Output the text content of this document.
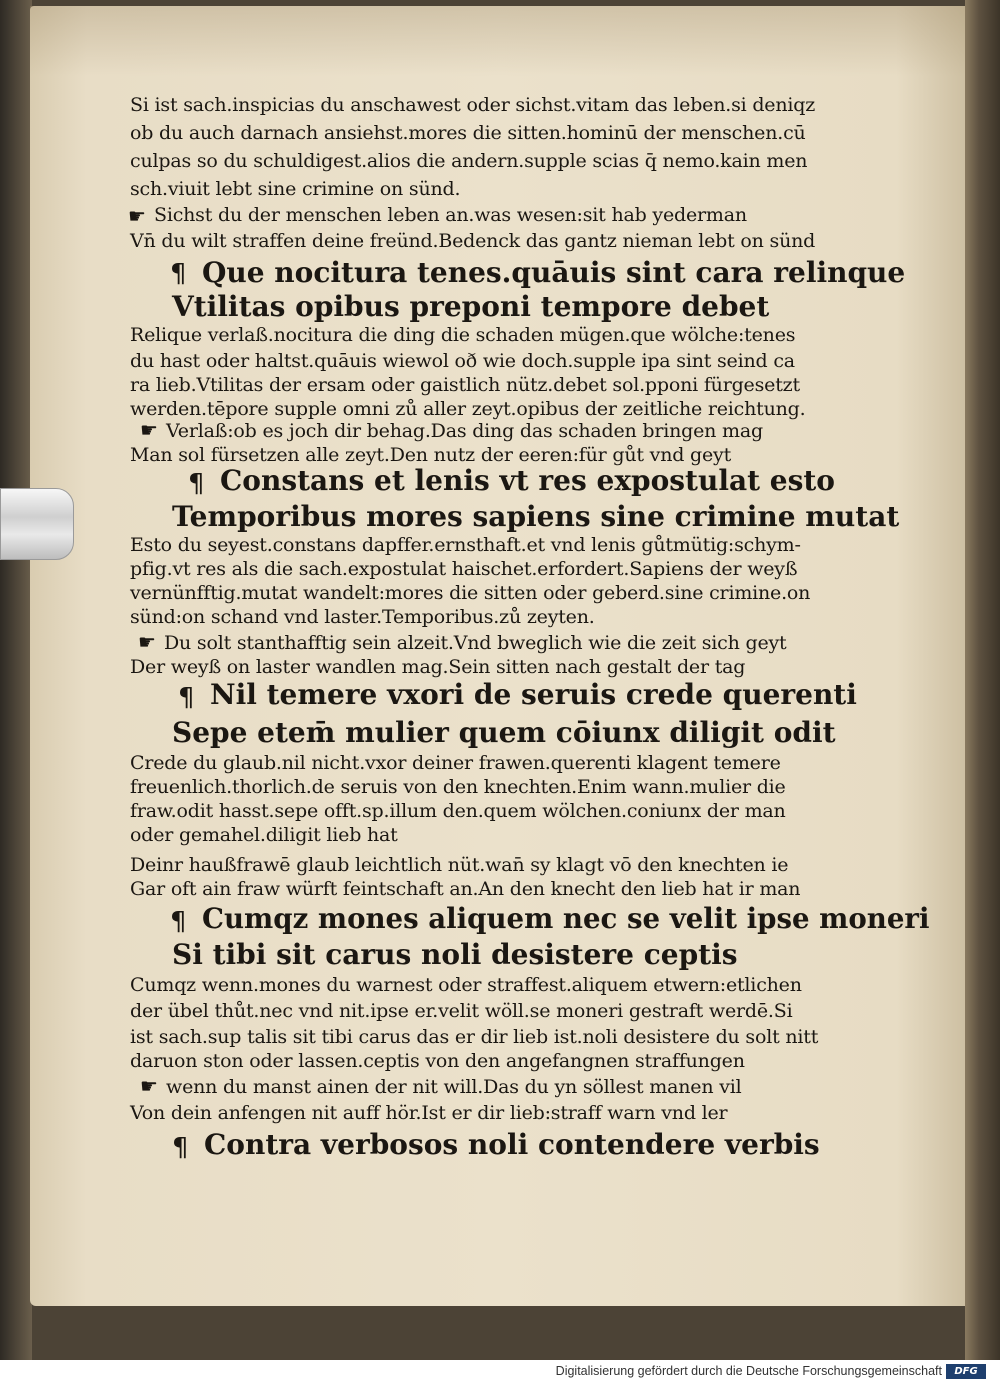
Si ist sach.inspicias du anschawest oder sichst.vitam das leben.si deniqz
ob du auch darnach ansiehst.mores die sitten.hominū der menschen.cū
culpas so du schuldigest.alios die andern.supple scias q̄ nemo.kain men
sch.viuit lebt sine crimine on sünd.
☛ Sichst du der menschen leben an.was wesen:sit hab yederman
Vn̄ du wilt straffen deine freünd.Bedenck das gantz nieman lebt on sünd
¶ Que nocitura tenes.quāuis sint cara relinque
Vtilitas opibus preponi tempore debet
Relique verlaß.nocitura die ding die schaden mügen.que wölche:tenes
du hast oder haltst.quāuis wiewol oð wie doch.supple ipa sint seind ca
ra lieb.Vtilitas der ersam oder gaistlich nütz.debet sol.pponi fürgesetzt
werden.tēpore supple omni zů aller zeyt.opibus der zeitliche reichtung.
☛ Verlaß:ob es joch dir behag.Das ding das schaden bringen mag
Man sol fürsetzen alle zeyt.Den nutz der eeren:für gůt vnd geyt
¶ Constans et lenis vt res expostulat esto
Temporibus mores sapiens sine crimine mutat
Esto du seyest.constans dapffer.ernsthaft.et vnd lenis gůtmütig:schym-
pfig.vt res als die sach.expostulat haischet.erfordert.Sapiens der weyß
vernünfftig.mutat wandelt:mores die sitten oder geberd.sine crimine.on
sünd:on schand vnd laster.Temporibus.zů zeyten.
☛ Du solt stanthafftig sein alzeit.Vnd bweglich wie die zeit sich geyt
Der weyß on laster wandlen mag.Sein sitten nach gestalt der tag
¶ Nil temere vxori de seruis crede querenti
Sepe etem̄ mulier quem cōiunx diligit odit
Crede du glaub.nil nicht.vxor deiner frawen.querenti klagent temere
freuenlich.thorlich.de seruis von den knechten.Enim wann.mulier die
fraw.odit hasst.sepe offt.sp.illum den.quem wölchen.coniunx der man
oder gemahel.diligit lieb hat
Deinr haußfrawē glaub leichtlich nüt.wan̄ sy klagt vō den knechten ie
Gar oft ain fraw würft feintschaft an.An den knecht den lieb hat ir man
¶ Cumqz mones aliquem nec se velit ipse moneri
Si tibi sit carus noli desistere ceptis
Cumqz wenn.mones du warnest oder straffest.aliquem etwern:etlichen
der übel thůt.nec vnd nit.ipse er.velit wöll.se moneri gestraft werdē.Si
ist sach.sup talis sit tibi carus das er dir lieb ist.noli desistere du solt nitt
daruon ston oder lassen.ceptis von den angefangnen straffungen
☛ wenn du manst ainen der nit will.Das du yn söllest manen vil
Von dein anfengen nit auff hör.Ist er dir lieb:straff warn vnd ler
¶ Contra verbosos noli contendere verbis
Digitalisierung gefördert durch die Deutsche Forschungsgemeinschaft	DFG
